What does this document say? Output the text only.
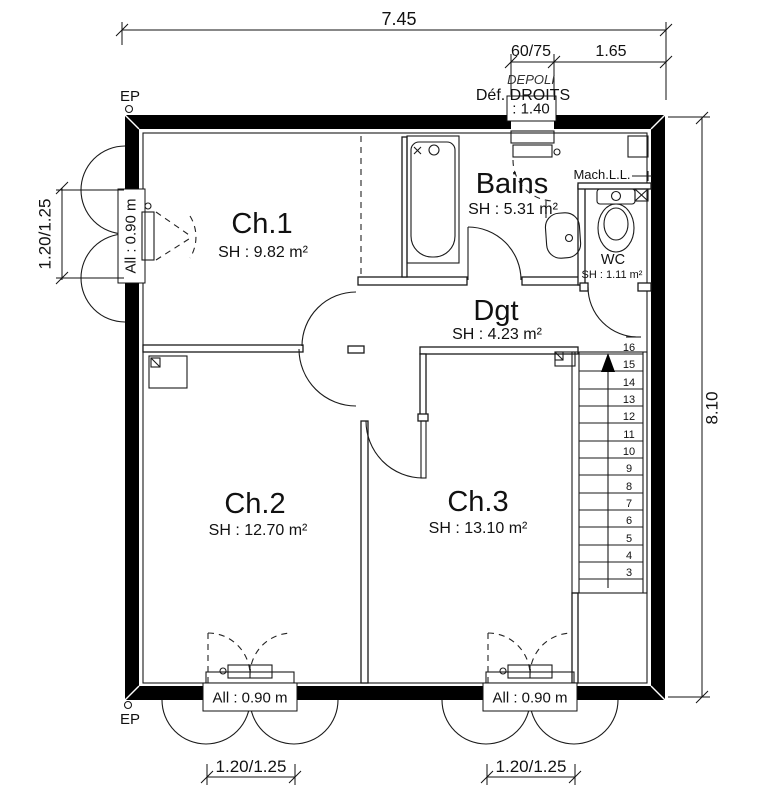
16
15
14
13
12
11
10
9
8
7
6
5
4
3
All : 0.90 m
: 1.40
All : 0.90 m	All : 0.90 m
7.45
60/75	1.65
DEPOLI
Déf. DROITS
8.10
1.20/1.25
1.20/1.25	1.20/1.25
EP
EP
Ch.1
SH : 9.82 m²
Bains
SH : 5.31 m²
Mach.L.L.
WC
SH : 1.11 m²
Dgt
SH : 4.23 m²
Ch.2
SH : 12.70 m²
Ch.3
SH : 13.10 m²
